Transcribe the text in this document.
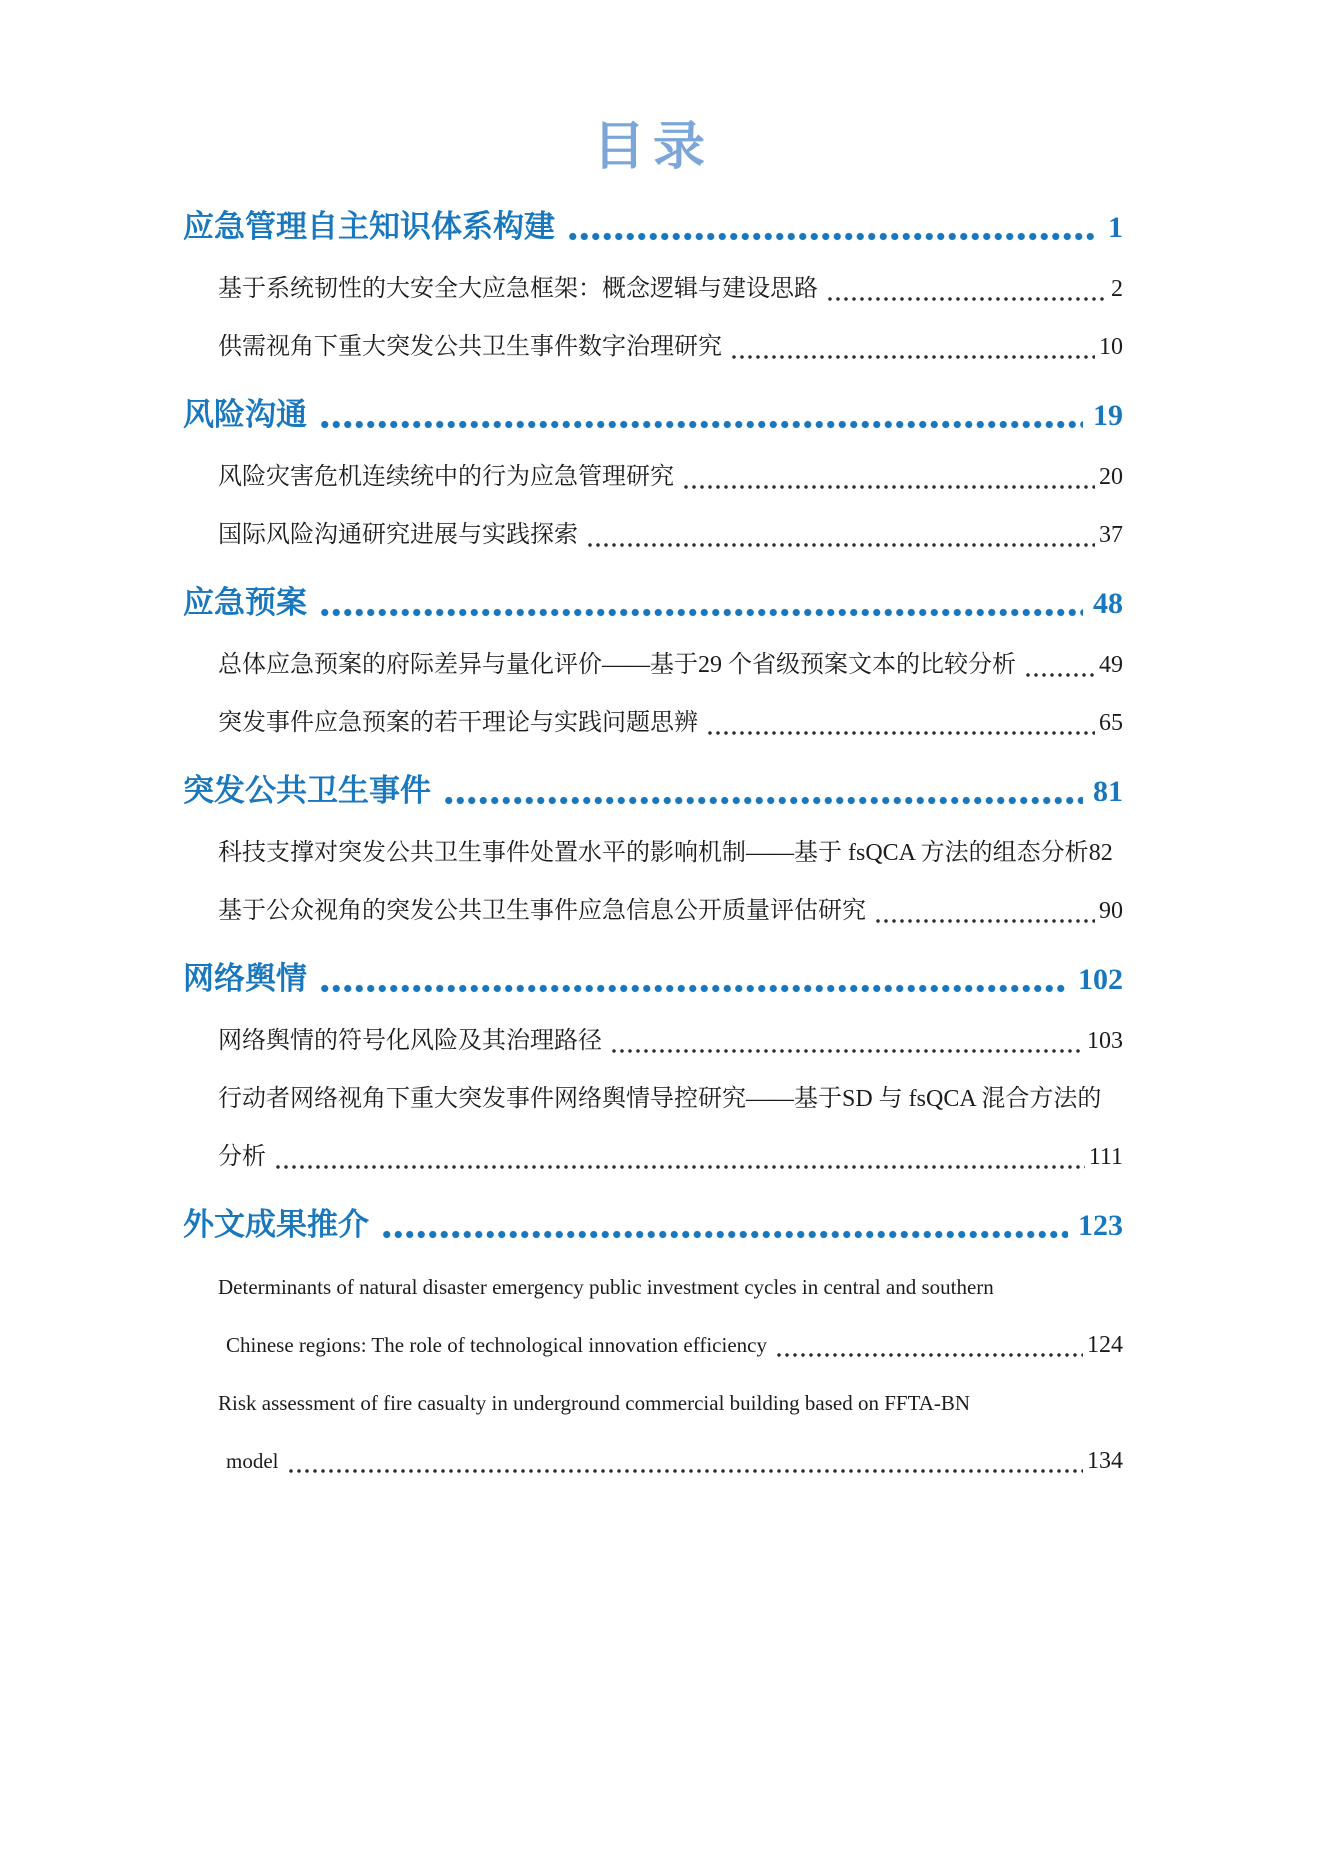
目录
应急管理自主知识体系构建	1
基于系统韧性的大安全大应急框架：概念逻辑与建设思路	2
供需视角下重大突发公共卫生事件数字治理研究	10
风险沟通	19
风险灾害危机连续统中的行为应急管理研究	20
国际风险沟通研究进展与实践探索	37
应急预案	48
总体应急预案的府际差异与量化评价——基于29 个省级预案文本的比较分析	49
突发事件应急预案的若干理论与实践问题思辨	65
突发公共卫生事件	81
科技支撑对突发公共卫生事件处置水平的影响机制——基于 fsQCA 方法的组态分析 82
基于公众视角的突发公共卫生事件应急信息公开质量评估研究	90
网络舆情	102
网络舆情的符号化风险及其治理路径	103
行动者网络视角下重大突发事件网络舆情导控研究——基于SD 与 fsQCA 混合方法的
分析	111
外文成果推介	123
Determinants of natural disaster emergency public investment cycles in central and southern
Chinese regions: The role of technological innovation efficiency	124
Risk assessment of fire casualty in underground commercial building based on FFTA-BN
model	134
